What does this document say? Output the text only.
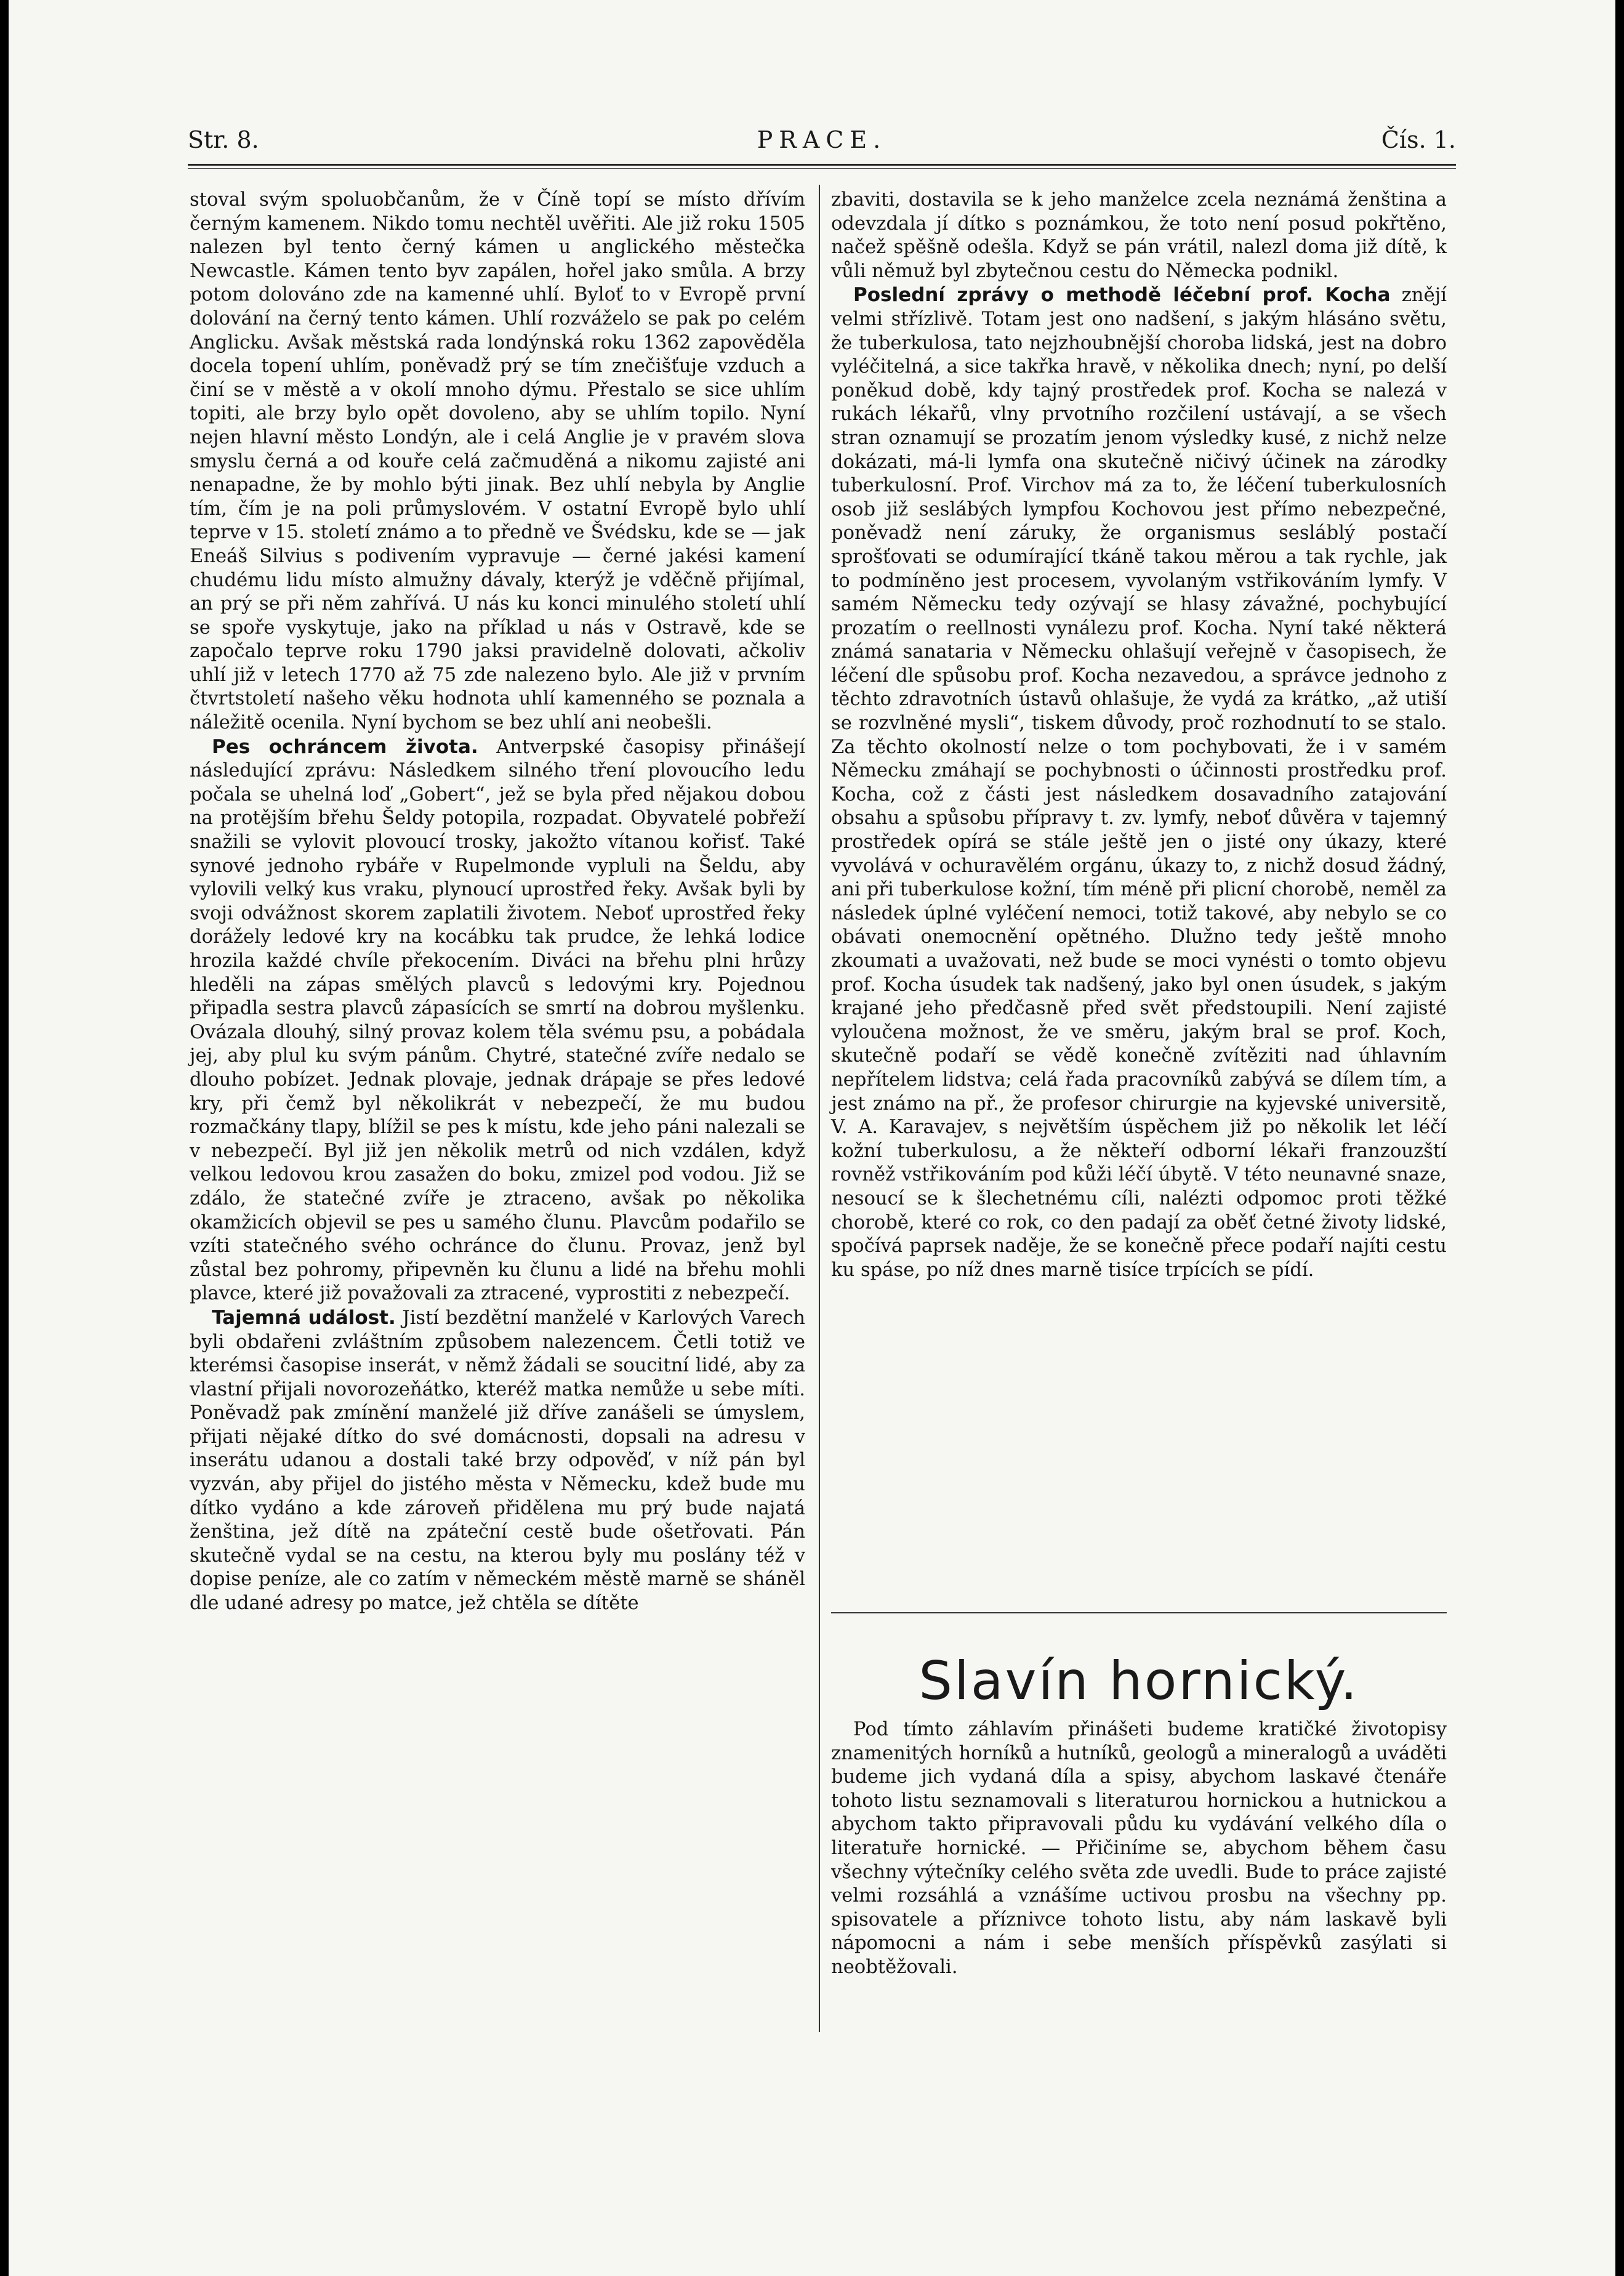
Str. 8.	PRACE.	Čís. 1.

stoval svým spoluobčanům, že v Číně topí se místo dřívím černým kamenem. Nikdo tomu nechtěl uvěřiti. Ale již roku 1505 nalezen byl tento černý kámen u anglického městečka Newcastle. Kámen tento byv zapálen, hořel jako smůla. A brzy potom dolováno zde na kamenné uhlí. Byloť to v Evropě první dolování na černý tento kámen. Uhlí rozváželo se pak po celém Anglicku. Avšak městská rada londýnská roku 1362 zapověděla docela topení uhlím, poněvadž prý se tím znečišťuje vzduch a činí se v městě a v okolí mnoho dýmu. Přestalo se sice uhlím topiti, ale brzy bylo opět dovoleno, aby se uhlím topilo. Nyní nejen hlavní město Londýn, ale i celá Anglie je v pravém slova smyslu černá a od kouře celá začmuděná a nikomu zajisté ani nenapadne, že by mohlo býti jinak. Bez uhlí nebyla by Anglie tím, čím je na poli průmyslovém. V ostatní Evropě bylo uhlí teprve v 15. století známo a to předně ve Švédsku, kde se — jak Eneáš Silvius s podivením vypravuje — černé jakési kamení chudému lidu místo almužny dávaly, kterýž je vděčně přijímal, an prý se při něm zahřívá. U nás ku konci minulého století uhlí se spoře vyskytuje, jako na příklad u nás v Ostravě, kde se započalo teprve roku 1790 jaksi pravidelně dolovati, ačkoliv uhlí již v letech 1770 až 75 zde nalezeno bylo. Ale již v prvním čtvrtstoletí našeho věku hodnota uhlí kamenného se poznala a náležitě ocenila. Nyní bychom se bez uhlí ani neobešli.

Pes ochráncem života. Antverpské časopisy přinášejí následující zprávu: Následkem silného tření plovoucího ledu počala se uhelná loď „Gobert“, jež se byla před nějakou dobou na protějším břehu Šeldy potopila, rozpadat. Obyvatelé pobřeží snažili se vylovit plovoucí trosky, jakožto vítanou kořisť. Také synové jednoho rybáře v Rupelmonde vypluli na Šeldu, aby vylovili velký kus vraku, plynoucí uprostřed řeky. Avšak byli by svoji odvážnost skorem zaplatili životem. Neboť uprostřed řeky dorážely ledové kry na kocábku tak prudce, že lehká lodice hrozila každé chvíle překocením. Diváci na břehu plni hrůzy hleděli na zápas smělých plavců s ledovými kry. Pojednou připadla sestra plavců zápasících se smrtí na dobrou myšlenku. Ovázala dlouhý, silný provaz kolem těla svému psu, a pobádala jej, aby plul ku svým pánům. Chytré, statečné zvíře nedalo se dlouho pobízet. Jednak plovaje, jednak drápaje se přes ledové kry, při čemž byl několikrát v nebezpečí, že mu budou rozmačkány tlapy, blížil se pes k místu, kde jeho páni nalezali se v nebezpečí. Byl již jen několik metrů od nich vzdálen, když velkou ledovou krou zasažen do boku, zmizel pod vodou. Již se zdálo, že statečné zvíře je ztraceno, avšak po několika okamžicích objevil se pes u samého člunu. Plavcům podařilo se vzíti statečného svého ochránce do člunu. Provaz, jenž byl zůstal bez pohromy, připevněn ku člunu a lidé na břehu mohli plavce, které již považovali za ztracené, vyprostiti z nebezpečí.

Tajemná událost. Jistí bezdětní manželé v Karlových Varech byli obdařeni zvláštním způsobem nalezencem. Četli totiž ve kterémsi časopise inserát, v němž žádali se soucitní lidé, aby za vlastní přijali novorozeňátko, kteréž matka nemůže u sebe míti. Poněvadž pak zmínění manželé již dříve zanášeli se úmyslem, přijati nějaké dítko do své domácnosti, dopsali na adresu v inserátu udanou a dostali také brzy odpověď, v níž pán byl vyzván, aby přijel do jistého města v Německu, kdež bude mu dítko vydáno a kde zároveň přidělena mu prý bude najatá ženština, jež dítě na zpáteční cestě bude ošetřovati. Pán skutečně vydal se na cestu, na kterou byly mu poslány též v dopise peníze, ale co zatím v německém městě marně se sháněl dle udané adresy po matce, jež chtěla se dítěte

zbaviti, dostavila se k jeho manželce zcela neznámá ženština a odevzdala jí dítko s poznámkou, že toto není posud pokřtěno, načež spěšně odešla. Když se pán vrátil, nalezl doma již dítě, k vůli němuž byl zbytečnou cestu do Německa podnikl.

Poslední zprávy o methodě léčební prof. Kocha znějí velmi střízlivě. Totam jest ono nadšení, s jakým hlásáno světu, že tuberkulosa, tato nejzhoubnější choroba lidská, jest na dobro vyléčitelná, a sice takřka hravě, v několika dnech; nyní, po delší poněkud době, kdy tajný prostředek prof. Kocha se nalezá v rukách lékařů, vlny prvotního rozčilení ustávají, a se všech stran oznamují se prozatím jenom výsledky kusé, z nichž nelze dokázati, má-li lymfa ona skutečně ničivý účinek na zárodky tuberkulosní. Prof. Virchov má za to, že léčení tuberkulosních osob již seslábých lympfou Kochovou jest přímo nebezpečné, poněvadž není záruky, že organismus sesláblý postačí sprošťovati se odumírající tkáně takou měrou a tak rychle, jak to podmíněno jest procesem, vyvolaným vstřikováním lymfy. V samém Německu tedy ozývají se hlasy závažné, pochybující prozatím o reellnosti vynálezu prof. Kocha. Nyní také některá známá sanataria v Německu ohlašují veřejně v časopisech, že léčení dle spůsobu prof. Kocha nezavedou, a správce jednoho z těchto zdravotních ústavů ohlašuje, že vydá za krátko, „až utiší se rozvlněné mysli“, tiskem důvody, proč rozhodnutí to se stalo. Za těchto okolností nelze o tom pochybovati, že i v samém Německu zmáhají se pochybnosti o účinnosti prostředku prof. Kocha, což z části jest následkem dosavadního zatajování obsahu a spůsobu přípravy t. zv. lymfy, neboť důvěra v tajemný prostředek opírá se stále ještě jen o jisté ony úkazy, které vyvolává v ochuravělém orgánu, úkazy to, z nichž dosud žádný, ani při tuberkulose kožní, tím méně při plicní chorobě, neměl za následek úplné vyléčení nemoci, totiž takové, aby nebylo se co obávati onemocnění opětného. Dlužno tedy ještě mnoho zkoumati a uvažovati, než bude se moci vynésti o tomto objevu prof. Kocha úsudek tak nadšený, jako byl onen úsudek, s jakým krajané jeho předčasně před svět předstoupili. Není zajisté vyloučena možnost, že ve směru, jakým bral se prof. Koch, skutečně podaří se vědě konečně zvítěziti nad úhlavním nepřítelem lidstva; celá řada pracovníků zabývá se dílem tím, a jest známo na př., že profesor chirurgie na kyjevské universitě, V. A. Karavajev, s největším úspěchem již po několik let léčí kožní tuberkulosu, a že někteří odborní lékaři franzouzští rovněž vstřikováním pod kůži léčí úbytě. V této neunavné snaze, nesoucí se k šlechetnému cíli, nalézti odpomoc proti těžké chorobě, které co rok, co den padají za oběť četné životy lidské, spočívá paprsek naděje, že se konečně přece podaří najíti cestu ku spáse, po níž dnes marně tisíce trpících se pídí.

Slavín hornický.

Pod tímto záhlavím přinášeti budeme kratičké životopisy znamenitých horníků a hutníků, geologů a mineralogů a uváděti budeme jich vydaná díla a spisy, abychom laskavé čtenáře tohoto listu seznamovali s literaturou hornickou a hutnickou a abychom takto připravovali půdu ku vydávání velkého díla o literatuře hornické. — Přičiníme se, abychom během času všechny výtečníky celého světa zde uvedli. Bude to práce zajisté velmi rozsáhlá a vznášíme uctivou prosbu na všechny pp. spisovatele a příznivce tohoto listu, aby nám laskavě byli nápomocni a nám i sebe menších příspěvků zasýlati si neobtěžovali.
